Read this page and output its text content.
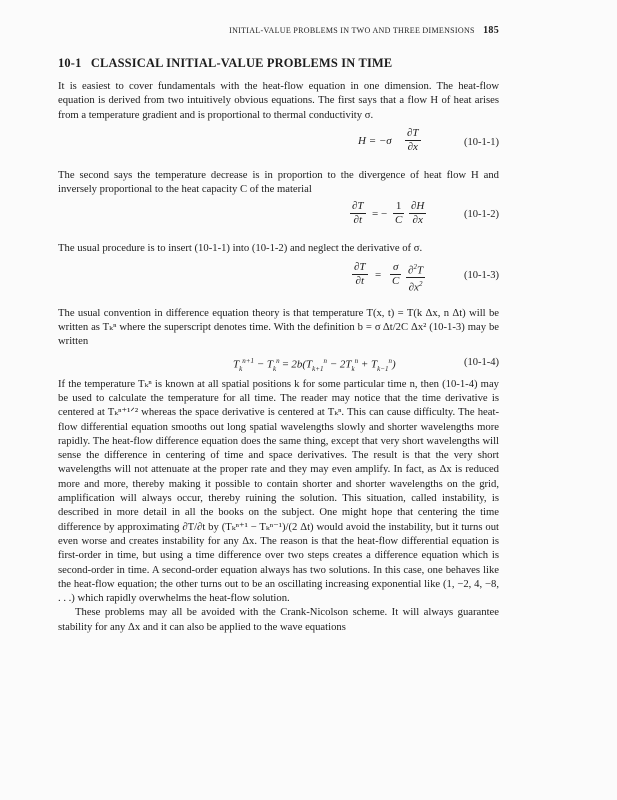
INITIAL-VALUE PROBLEMS IN TWO AND THREE DIMENSIONS 185
10-1 CLASSICAL INITIAL-VALUE PROBLEMS IN TIME

It is easiest to cover fundamentals with the heat-flow equation in one dimension. The heat-flow equation is derived from two intuitively obvious equations. The first says that a flow H of heat arises from a temperature gradient and is proportional to thermal conductivity σ.

$H = -\sigma \frac{\partial T}{\partial x}$	(10-1-1)

The second says the temperature decrease is in proportion to the divergence of heat flow H and inversely proportional to the heat capacity C of the material

$\frac{\partial T}{\partial t}$ = − $\frac{1}{C} \frac{\partial H}{\partial x}$	(10-1-2)

The usual procedure is to insert (10-1-1) into (10-1-2) and neglect the derivative of σ.

$\frac{\partial T}{\partial t} = \frac{\sigma}{C} \frac{\partial^2T}{\partial x^2}$	(10-1-3)

The usual convention in difference equation theory is that temperature T(x, t) = T(k Δx, n Δt) will be written as Tₖⁿ where the superscript denotes time. With the definition b = σ Δt/2C Δx² (10-1-3) may be written

$T_k^{n+1} - T_k^n = 2b(T_{k+1}^n - 2T_k^n + T_{k-1}^n)$	(10-1-4)

If the temperature Tₖⁿ is known at all spatial positions k for some particular time n, then (10-1-4) may be used to calculate the temperature for all time. The reader may notice that the time derivative is centered at Tₖⁿ⁺¹ᐟ² whereas the space derivative is centered at Tₖⁿ. This can cause difficulty. The heat-flow differential equation smooths out long spatial wavelengths slowly and shorter wavelengths more rapidly. The heat-flow difference equation does the same thing, except that very short wavelengths will sense the difference in centering of time and space derivatives. The result is that the very short wavelengths will not attenuate at the proper rate and they may even amplify. In fact, as Δx is reduced more and more, thereby making it possible to contain shorter and shorter wavelengths on the grid, amplification will always occur, thereby ruining the solution. This situation, called instability, is described in more detail in all the books on the subject. One might hope that centering the time difference by approximating ∂T/∂t by (Tₖⁿ⁺¹ − Tₖⁿ⁻¹)/(2 Δt) would avoid the instability, but it turns out even worse and creates instability for any Δx. The reason is that the heat-flow differential equation is first-order in time, but using a time difference over two steps creates a difference equation which is second-order in time. A second-order equation always has two solutions. In this case, one behaves like the heat-flow equation; the other turns out to be an oscillating increasing exponential like (1, −2, 4, −8, . . .) which rapidly overwhelms the heat-flow solution.

These problems may all be avoided with the Crank-Nicolson scheme. It will always guarantee stability for any Δx and it can also be applied to the wave equations
